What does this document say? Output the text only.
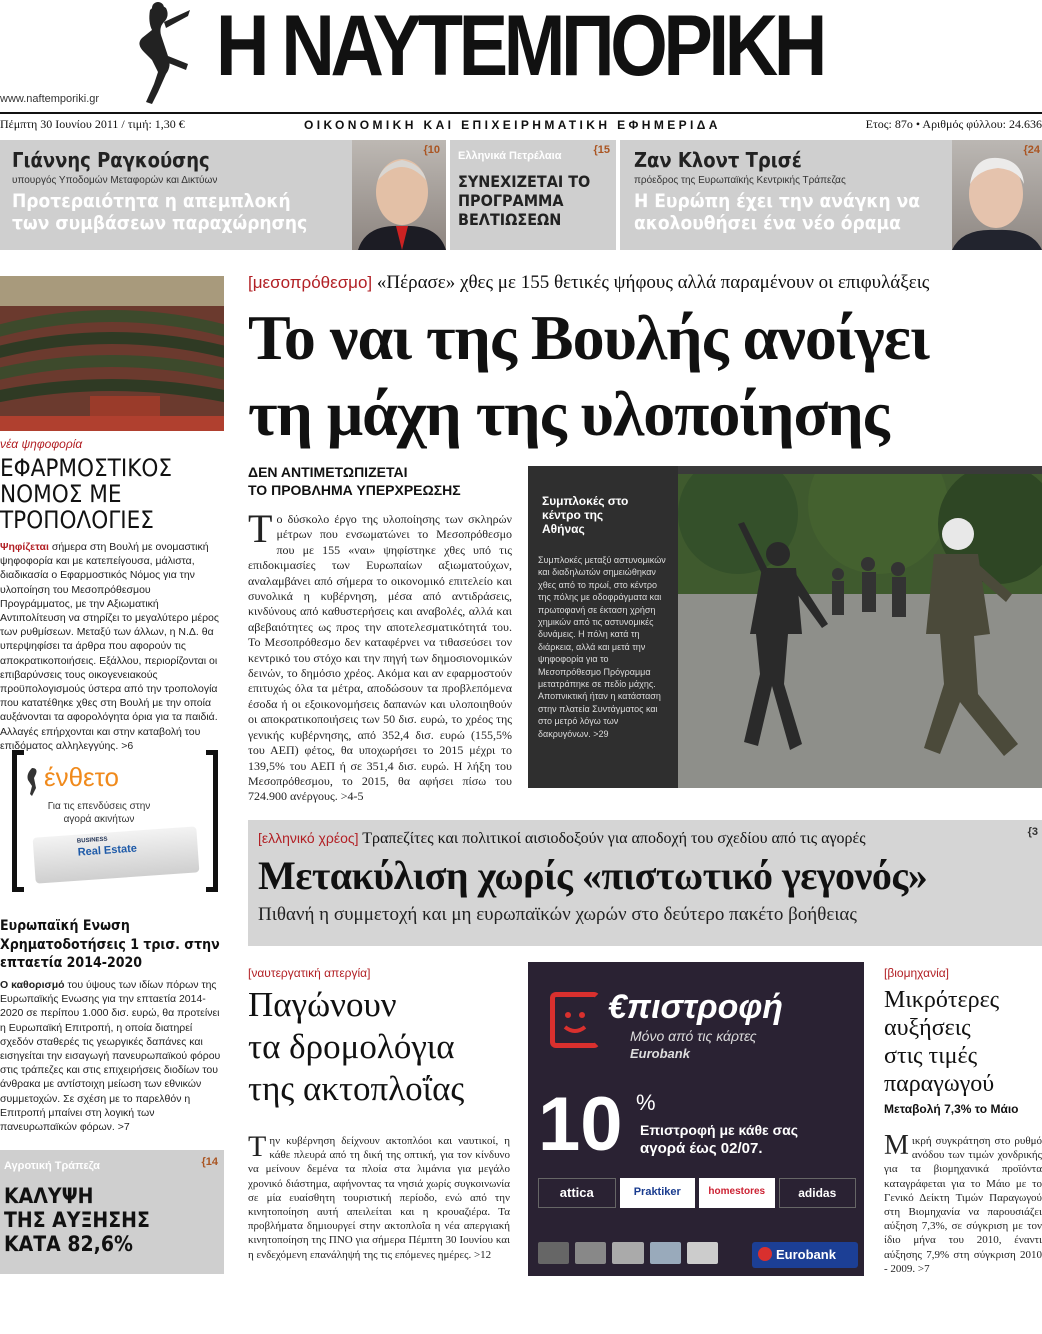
Η ΝΑΥΤΕΜΠΟΡΙΚΗ
www.naftemporiki.gr
Πέμπτη 30 Ιουνίου 2011 / τιμή: 1,30 €	ΟΙΚΟΝΟΜΙΚΗ ΚΑΙ ΕΠΙΧΕΙΡΗΜΑΤΙΚΗ ΕΦΗΜΕΡΙΔΑ	Ετος: 87ο • Αριθμός φύλλου: 24.636
Γιάννης Ραγκούσης
υπουργός Υποδομών Μεταφορών και Δικτύων
Προτεραιότητα η απεμπλοκή των συμβάσεων παραχώρησης
{10 Ελληνικά Πετρέλαια	{15
ΣΥΝΕΧΙΖΕΤΑΙ ΤΟ ΠΡΟΓΡΑΜΜΑ ΒΕΛΤΙΩΣΕΩΝ
Ζαν Κλοντ Τρισέ
πρόεδρος της Ευρωπαϊκής Κεντρικής Τράπεζας
Η Ευρώπη έχει την ανάγκη να ακολουθήσει ένα νέο όραμα
{24
νέα ψηφοφορία
ΕΦΑΡΜΟΣΤΙΚΟΣ
ΝΟΜΟΣ ΜΕ
ΤΡΟΠΟΛΟΓΙΕΣ
Ψηφίζεται σήμερα στη Βουλή με ονομαστική ψηφοφορία και με κατεπείγουσα, μάλιστα, διαδικασία ο Εφαρμοστικός Νόμος για την υλοποίηση του Μεσοπρόθεσμου Προγράμματος, με την Αξιωματική Αντιπολίτευση να στηρίζει το μεγαλύτερο μέρος των ρυθμίσεων. Μεταξύ των άλλων, η Ν.Δ. θα υπερψηφίσει τα άρθρα που αφορούν τις αποκρατικοποιήσεις. Εξάλλου, περιορίζονται οι επιβαρύνσεις τους οικογενειακούς προϋπολογισμούς ύστερα από την τροπολογία που κατατέθηκε χθες στη Βουλή με την οποία αυξάνονται τα αφορολόγητα όρια για τα παιδιά. Αλλαγές επήρχονται και στην καταβολή του επιδόματος αλληλεγγύης. >6
ένθετο
Για τις επενδύσεις στην αγορά ακινήτων
BUSINESS
Real Estate
Ευρωπαϊκή Ενωση
Χρηματοδοτήσεις 1 τρισ. στην επταετία 2014-2020
Ο καθορισμό του ύψους των ιδίων πόρων της Ευρωπαϊκής Ενωσης για την επταετία 2014-2020 σε περίπου 1.000 δισ. ευρώ, θα προτείνει η Ευρωπαϊκή Επιτροπή, η οποία διατηρεί σχεδόν σταθερές τις γεωργικές δαπάνες και εισηγείται την εισαγωγή πανευρωπαϊκού φόρου στις τράπεζες και στις επιχειρήσεις διοδίων του άνθρακα με αντίστοιχη μείωση των εθνικών συμμετοχών. Σε σχέση με το παρελθόν η Επιτροπή μπαίνει στη λογική των πανευρωπαϊκών φόρων. >7
Αγροτική Τράπεζα	{14
ΚΑΛΥΨΗ
ΤΗΣ ΑΥΞΗΣΗΣ
ΚΑΤΑ 82,6%
[μεσοπρόθεσμο] «Πέρασε» χθες με 155 θετικές ψήφους αλλά παραμένουν οι επιφυλάξεις
Το ναι της Βουλής ανοίγει
τη μάχη της υλοποίησης
ΔΕΝ ΑΝΤΙΜΕΤΩΠΙΖΕΤΑΙ
ΤΟ ΠΡΟΒΛΗΜΑ ΥΠΕΡΧΡΕΩΣΗΣ
Το δύσκολο έργο της υλοποίησης των σκληρών μέτρων που ενσωματώνει το Μεσοπρόθεσμο που με 155 «ναι» ψηφίστηκε χθες υπό τις επιδοκιμασίες των Ευρωπαίων αξιωματούχων, αναλαμβάνει από σήμερα το οικονομικό επιτελείο και συνολικά η κυβέρνηση, μέσα από αντιδράσεις, κινδύνους από καθυστερήσεις και αναβολές, αλλά και αβεβαιότητες ως προς την αποτελεσματικότητά του. Το Μεσοπρόθεσμο δεν καταφέρνει να τιθασεύσει τον κεντρικό του στόχο και την πηγή των δημοσιονομικών δεινών, το δημόσιο χρέος. Ακόμα και αν εφαρμοστούν επιτυχώς όλα τα μέτρα, αποδώσουν τα προβλεπόμενα έσοδα ή οι εξοικονομήσεις δαπανών και υλοποιηθούν οι αποκρατικοποιήσεις των 50 δισ. ευρώ, το χρέος της γενικής κυβέρνησης, από 352,4 δισ. ευρώ (155,5% του ΑΕΠ) φέτος, θα υποχωρήσει το 2015 μέχρι το 139,5% του ΑΕΠ ή σε 351,4 δισ. ευρώ. Η λήξη του Μεσοπρόθεσμου, το 2015, θα αφήσει πίσω του 724.900 ανέργους. >4-5
Συμπλοκές στο κέντρο της Αθήνας
Συμπλοκές μεταξύ αστυνομικών και διαδηλωτών σημειώθηκαν χθες από το πρωί, στο κέντρο της πόλης με οδοφράγματα και πρωτοφανή σε έκταση χρήση χημικών από τις αστυνομικές δυνάμεις. Η πόλη κατά τη διάρκεια, αλλά και μετά την ψηφοφορία για το Μεσοπρόθεσμο Πρόγραμμα μετατράπηκε σε πεδίο μάχης. Αποπνικτική ήταν η κατάσταση στην πλατεία Συντάγματος και στο μετρό λόγω των δακρυγόνων. >29
[ελληνικό χρέος] Τραπεζίτες και πολιτικοί αισιοδοξούν για αποδοχή του σχεδίου από τις αγορές	{3
Μετακύλιση χωρίς «πιστωτικό γεγονός»
Πιθανή η συμμετοχή και μη ευρωπαϊκών χωρών στο δεύτερο πακέτο βοήθειας
[ναυτεργατική απεργία]
Παγώνουν
τα δρομολόγια
της ακτοπλοΐας
Την κυβέρνηση δείχνουν ακτοπλόοι και ναυτικοί, η κάθε πλευρά από τη δική της οπτική, για τον κίνδυνο να μείνουν δεμένα τα πλοία στα λιμάνια για μεγάλο χρονικό διάστημα, αφήνοντας τα νησιά χωρίς συγκοινωνία σε μία ευαίσθητη τουριστική περίοδο, ενώ από την κινητοποίηση αυτή απειλείται και η κρουαζιέρα. Τα προβλήματα δημιουργεί στην ακτοπλοΐα η νέα απεργιακή κινητοποίηση της ΠΝΟ για σήμερα Πέμπτη 30 Ιουνίου και η ενδεχόμενη επανάληψή της τις επόμενες ημέρες. >12
€πιστροφή
Μόνο από τις κάρτες
Eurobank
10 %
Επιστροφή με κάθε σας
αγορά έως 02/07.
attica	Praktiker	homestores	adidas
Eurobank
[βιομηχανία]
Μικρότερες
αυξήσεις
στις τιμές
παραγωγού
Μεταβολή 7,3% το Μάιο
Μικρή συγκράτηση στο ρυθμό ανόδου των τιμών χονδρικής για τα βιομηχανικά προϊόντα καταγράφεται για το Μάιο με το Γενικό Δείκτη Τιμών Παραγωγού στη Βιομηχανία να παρουσιάζει αύξηση 7,3%, σε σύγκριση με τον ίδιο μήνα του 2010, έναντι αύξησης 7,9% στη σύγκριση 2010 - 2009. >7
